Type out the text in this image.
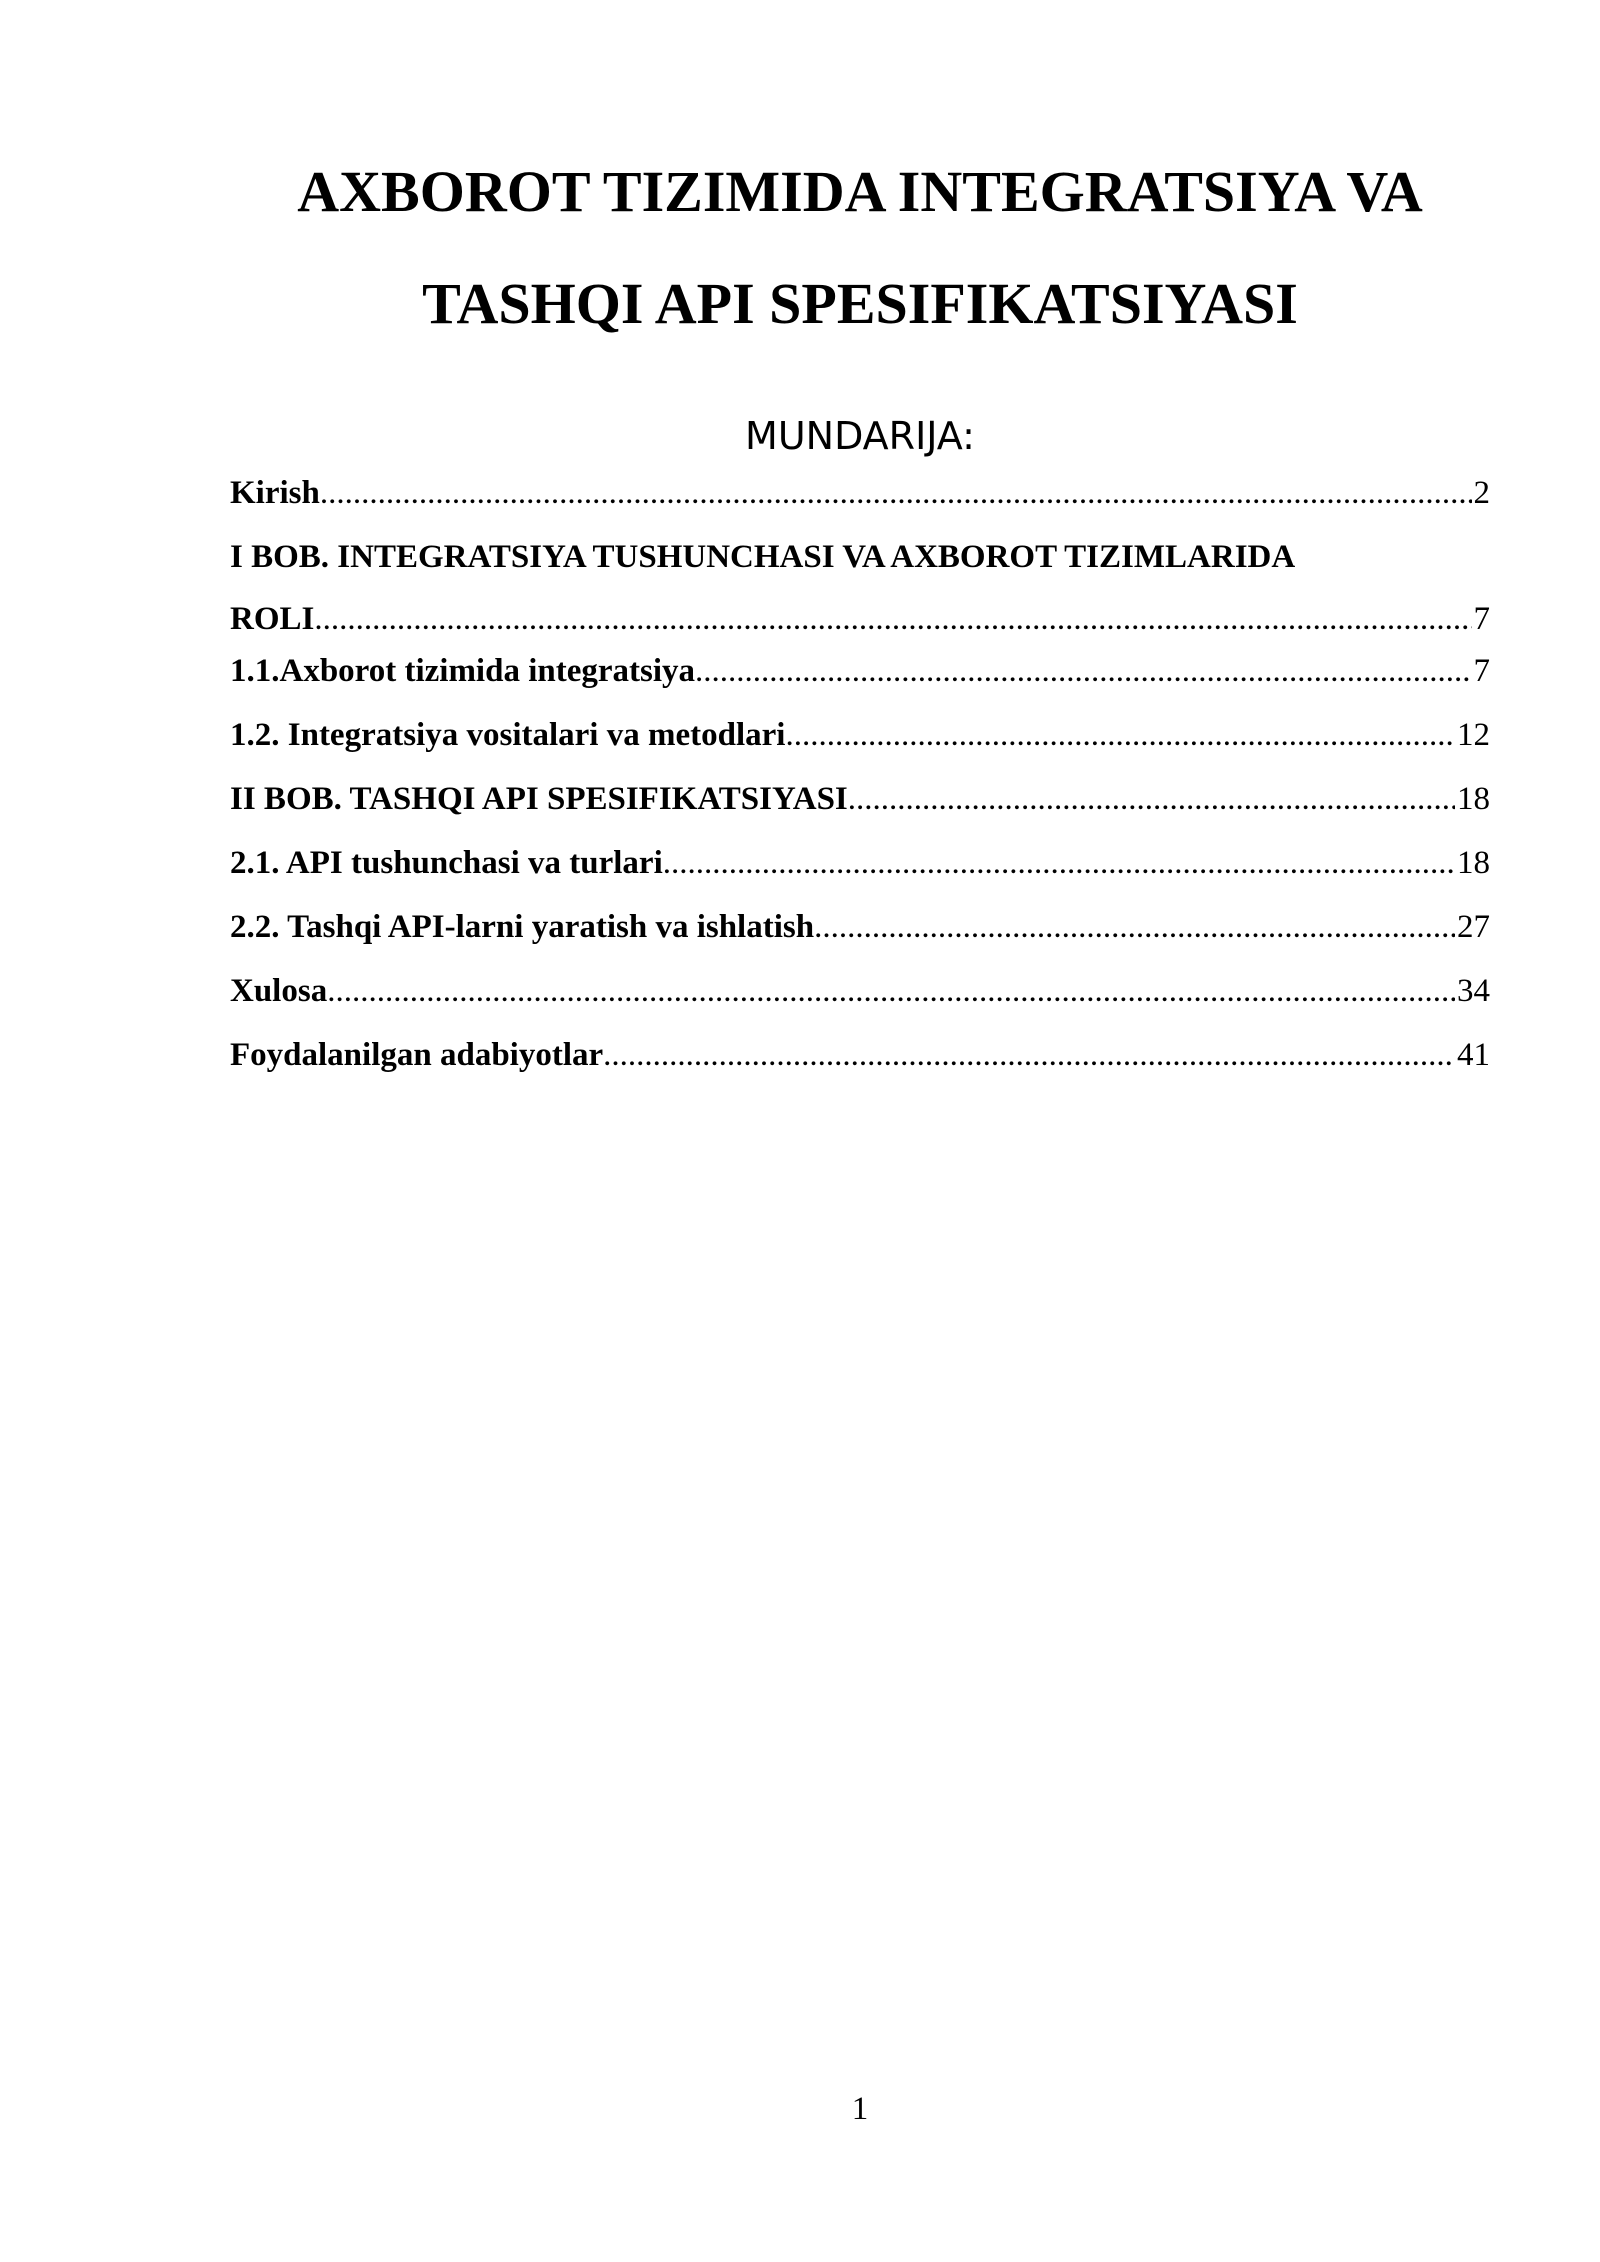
AXBOROT TIZIMIDA INTEGRATSIYA VA
TASHQI API SPESIFIKATSIYASI
MUNDARIJA:
Kirish .....	2
I BOB. INTEGRATSIYA TUSHUNCHASI VA AXBOROT TIZIMLARIDA
ROLI .....	7
1.1.Axborot tizimida integratsiya .....	7
1.2. Integratsiya vositalari va metodlari .....	12
II BOB. TASHQI API SPESIFIKATSIYASI .....	18
2.1. API tushunchasi va turlari .....	18
2.2. Tashqi API-larni yaratish va ishlatish .....	27
Xulosa .....	34
Foydalanilgan adabiyotlar .....	41
1
